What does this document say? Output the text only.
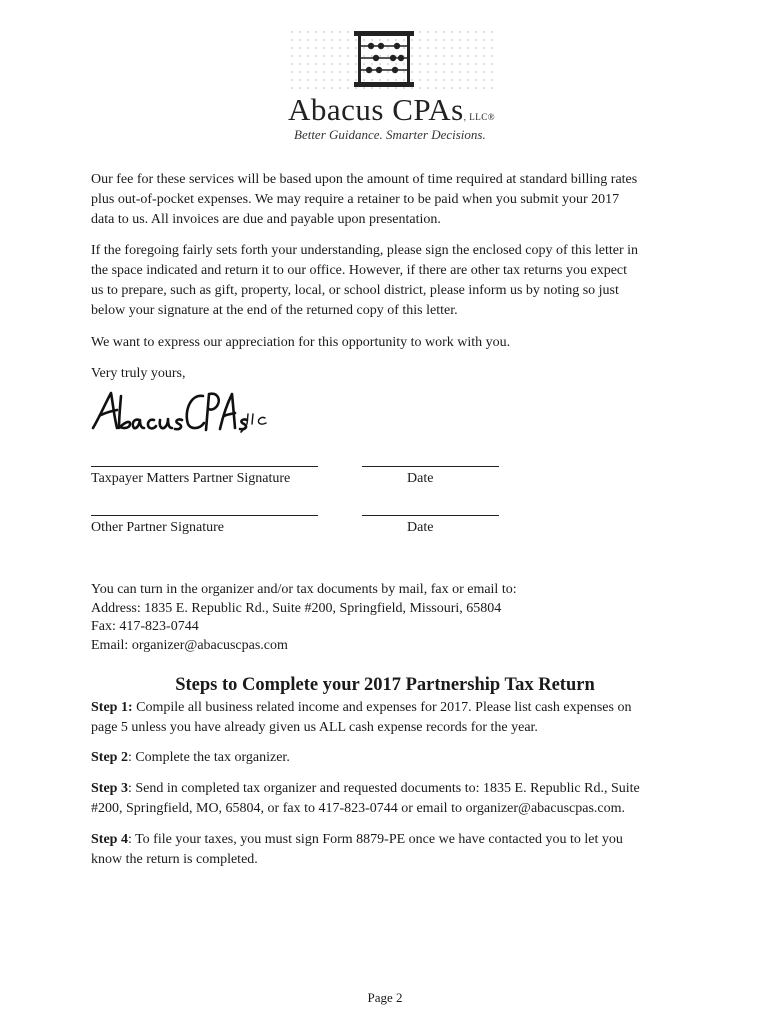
Abacus CPAs, LLC®
Better Guidance. Smarter Decisions.

Our fee for these services will be based upon the amount of time required at standard billing rates
plus out-of-pocket expenses. We may require a retainer to be paid when you submit your 2017
data to us. All invoices are due and payable upon presentation.

If the foregoing fairly sets forth your understanding, please sign the enclosed copy of this letter in
the space indicated and return it to our office. However, if there are other tax returns you expect
us to prepare, such as gift, property, local, or school district, please inform us by noting so just
below your signature at the end of the returned copy of this letter.

We want to express our appreciation for this opportunity to work with you.

Very truly yours,

Taxpayer Matters Partner Signature	Date
Other Partner Signature	Date

You can turn in the organizer and/or tax documents by mail, fax or email to:
Address: 1835 E. Republic Rd., Suite #200, Springfield, Missouri, 65804
Fax: 417-823-0744
Email: organizer@abacuscpas.com

Steps to Complete your 2017 Partnership Tax Return

Step 1: Compile all business related income and expenses for 2017. Please list cash expenses on
page 5 unless you have already given us ALL cash expense records for the year.

Step 2: Complete the tax organizer.

Step 3: Send in completed tax organizer and requested documents to: 1835 E. Republic Rd., Suite
#200, Springfield, MO, 65804, or fax to 417-823-0744 or email to organizer@abacuscpas.com.

Step 4: To file your taxes, you must sign Form 8879-PE once we have contacted you to let you
know the return is completed.

Page 2
